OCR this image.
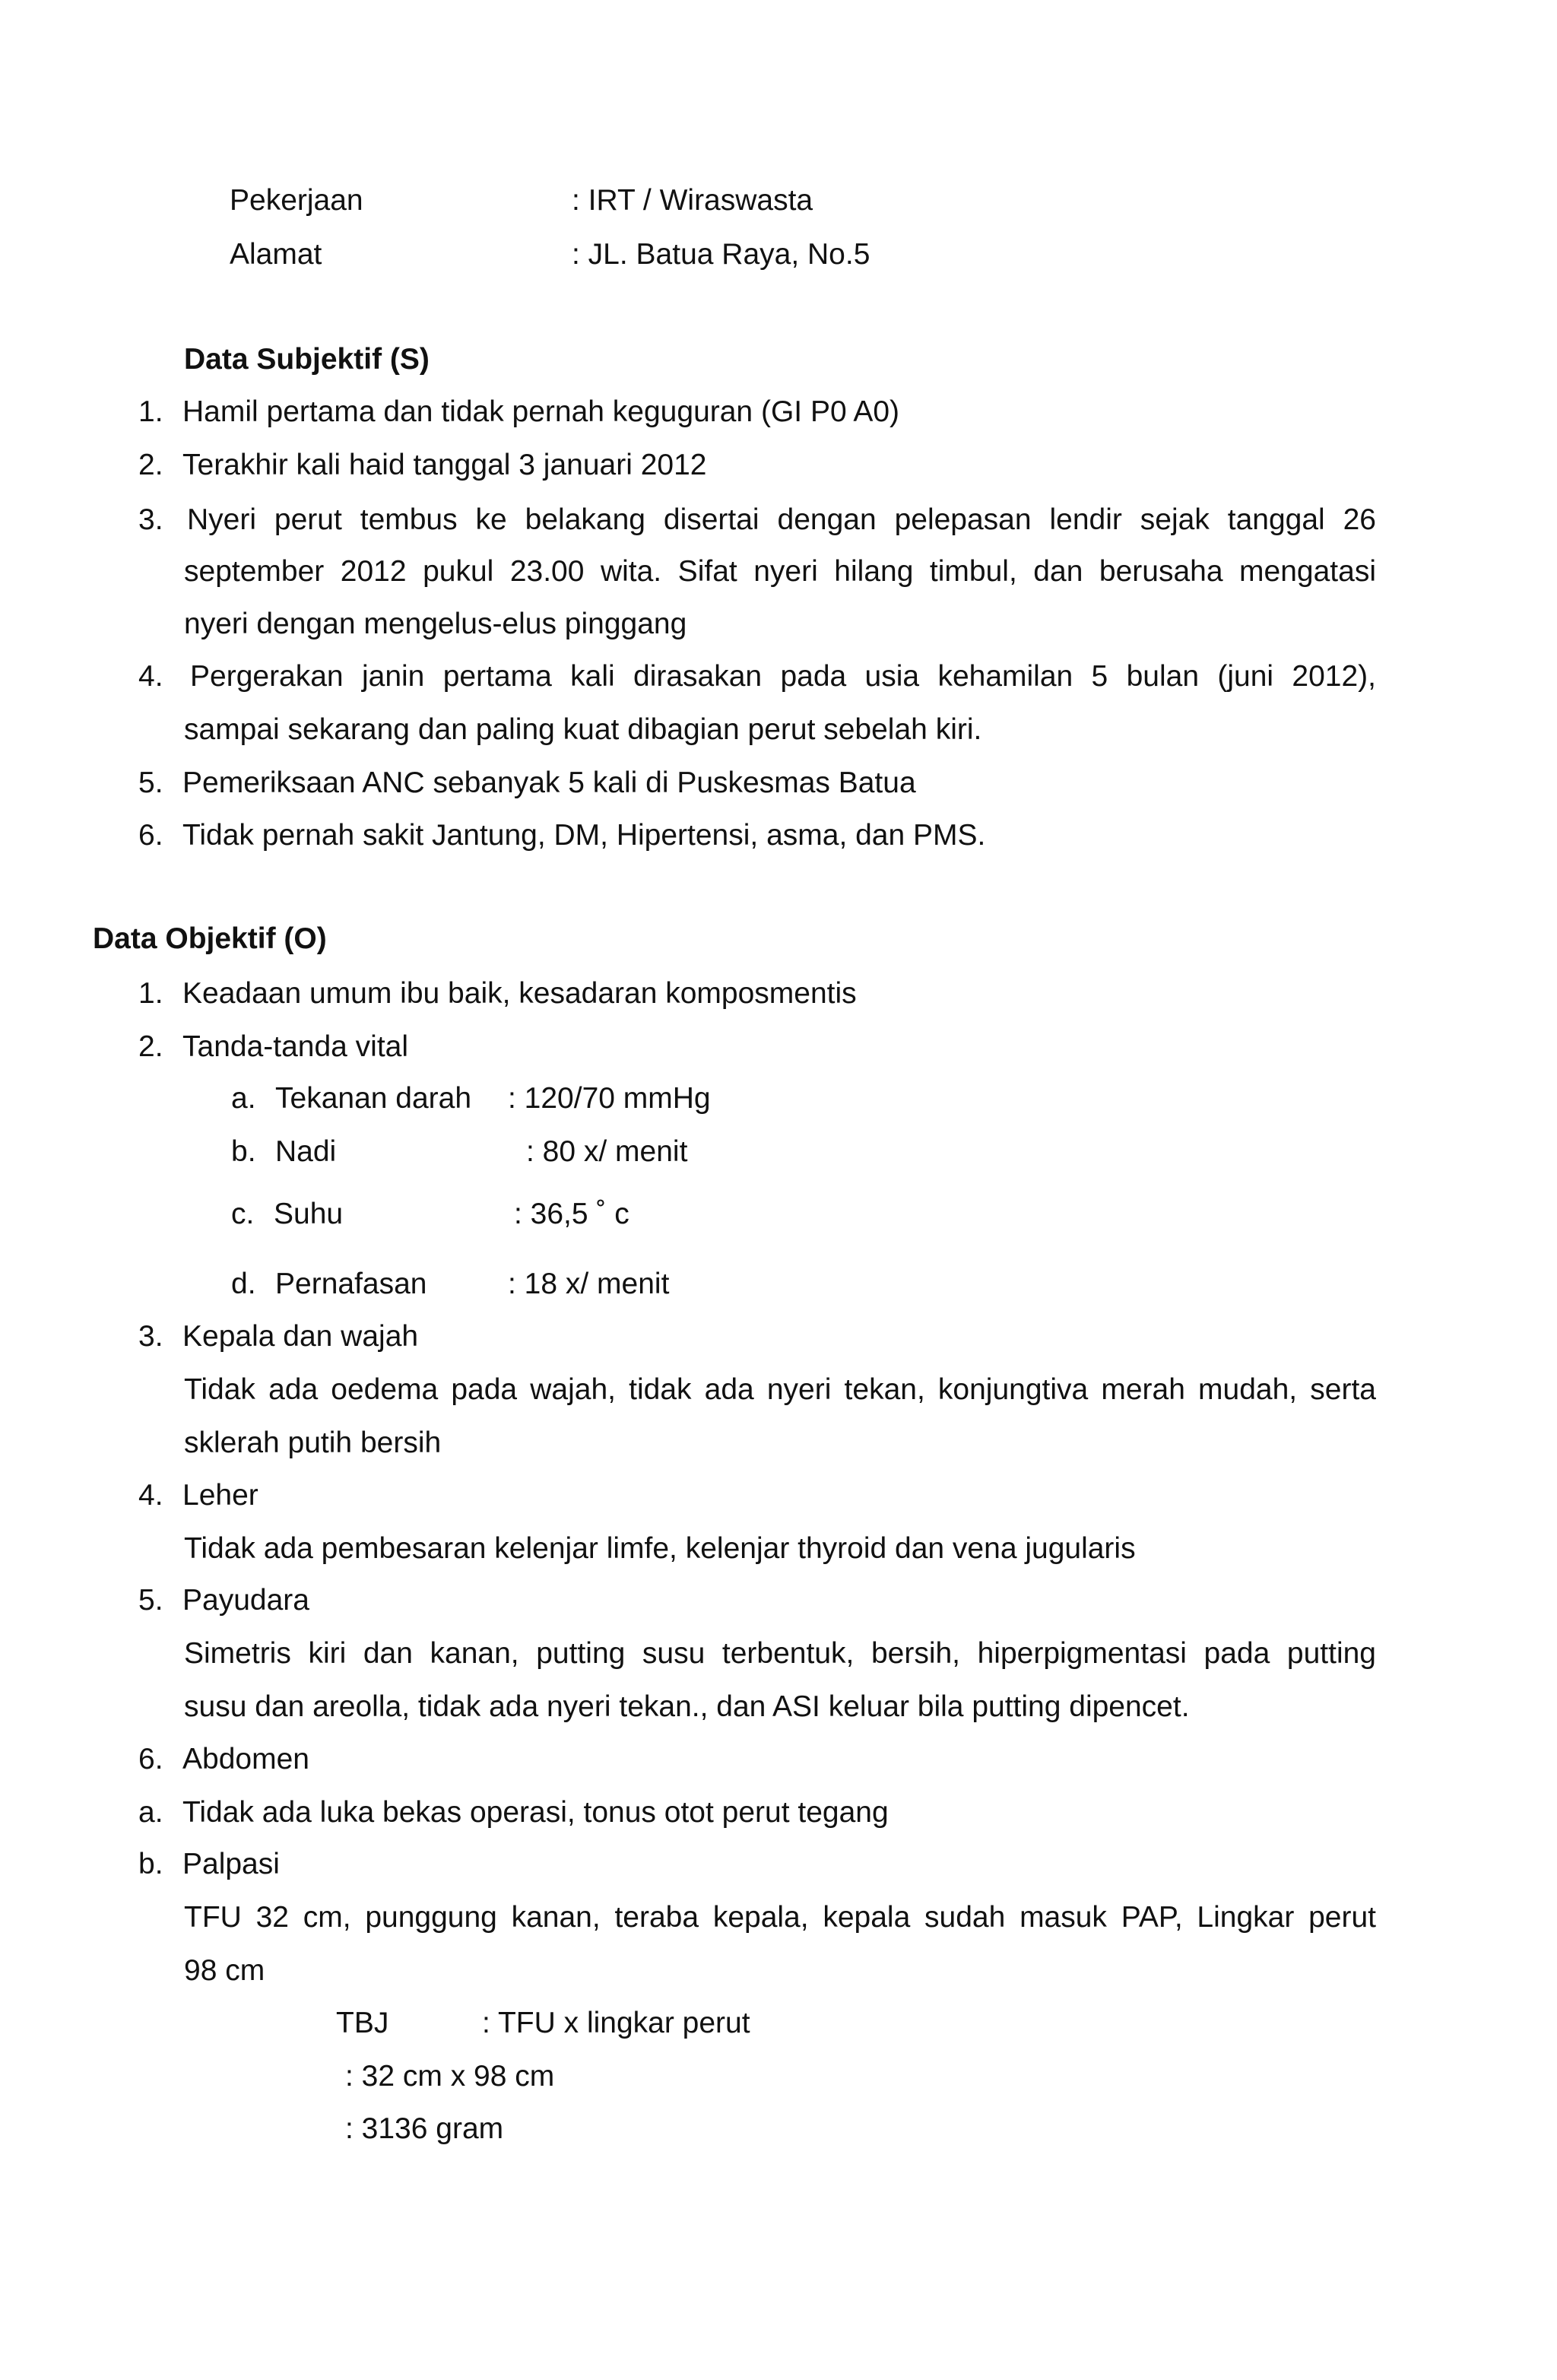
Pekerjaan	: IRT / Wiraswasta
Alamat	: JL. Batua Raya, No.5
Data Subjektif (S)
1. Hamil pertama dan tidak pernah keguguran (GI P0 A0)
2. Terakhir kali haid tanggal 3 januari 2012
3. Nyeri perut tembus ke belakang disertai dengan pelepasan lendir sejak tanggal 26
september 2012 pukul 23.00 wita. Sifat nyeri hilang timbul, dan berusaha mengatasi
nyeri dengan mengelus-elus pinggang
4. Pergerakan janin pertama kali dirasakan pada usia kehamilan 5 bulan (juni 2012),
sampai sekarang dan paling kuat dibagian perut sebelah kiri.
5. Pemeriksaan ANC sebanyak 5 kali di Puskesmas Batua
6. Tidak pernah sakit Jantung, DM, Hipertensi, asma, dan PMS.
Data Objektif (O)
1. Keadaan umum ibu baik, kesadaran komposmentis
2. Tanda-tanda vital
a. Tekanan darah : 120/70 mmHg
b. Nadi	: 80 x/ menit
c. Suhu	: 36,5 ˚ c
d. Pernafasan	: 18 x/ menit
3. Kepala dan wajah
Tidak ada oedema pada wajah, tidak ada nyeri tekan, konjungtiva merah mudah, serta
sklerah putih bersih
4. Leher
Tidak ada pembesaran kelenjar limfe, kelenjar thyroid dan vena jugularis
5. Payudara
Simetris kiri dan kanan, putting susu terbentuk, bersih, hiperpigmentasi pada putting
susu dan areolla, tidak ada nyeri tekan., dan ASI keluar bila putting dipencet.
6. Abdomen
a. Tidak ada luka bekas operasi, tonus otot perut tegang
b. Palpasi
TFU 32 cm, punggung kanan, teraba kepala, kepala sudah masuk PAP, Lingkar perut
98 cm
TBJ	: TFU x lingkar perut
: 32 cm x 98 cm
: 3136 gram
